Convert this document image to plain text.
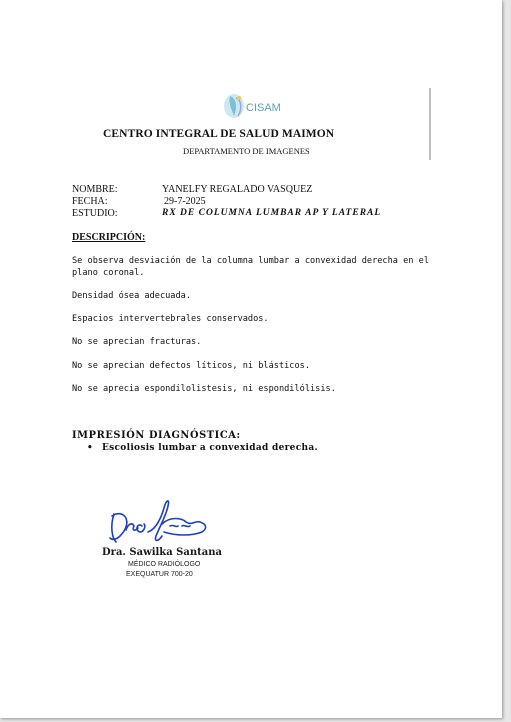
CISAM
CENTRO INTEGRAL DE SALUD MAIMON
DEPARTAMENTO DE IMAGENES
NOMBRE:	YANELFY REGALADO VASQUEZ
FECHA:	29-7-2025
ESTUDIO:	RX DE COLUMNA LUMBAR AP Y LATERAL
DESCRIPCIÓN:
Se observa desviación de la columna lumbar a convexidad derecha en el plano coronal.
Densidad ósea adecuada.
Espacios intervertebrales conservados.
No se aprecian fracturas.
No se aprecian defectos líticos, ni blásticos.
No se aprecia espondilolistesis, ni espondilólisis.
IMPRESIÓN DIAGNÓSTICA:
• Escoliosis lumbar a convexidad derecha.
Dra. Sawilka Santana
MÉDICO RADIÓLOGO
EXEQUATUR 700-20
